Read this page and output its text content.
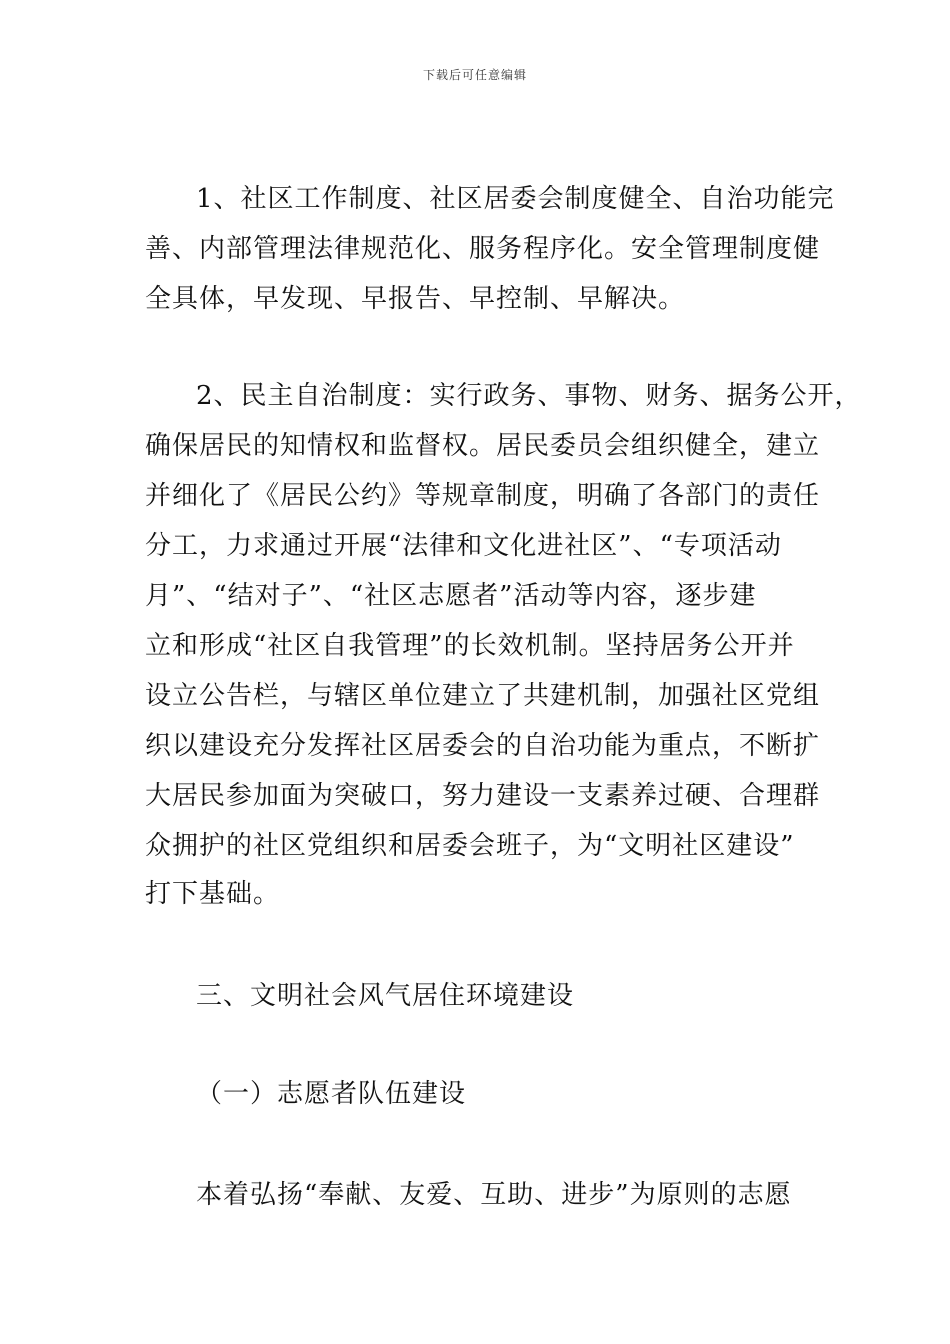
下载后可任意编辑
1、社区工作制度、社区居委会制度健全、自治功能完
善、内部管理法律规范化、服务程序化。安全管理制度健
全具体，早发现、早报告、早控制、早解决。
2、民主自治制度：实行政务、事物、财务、据务公开，
确保居民的知情权和监督权。居民委员会组织健全，建立
并细化了《居民公约》等规章制度，明确了各部门的责任
分工，力求通过开展“法律和文化进社区”、“专项活动
月”、“结对子”、“社区志愿者”活动等内容，逐步建
立和形成“社区自我管理”的长效机制。坚持居务公开并
设立公告栏，与辖区单位建立了共建机制，加强社区党组
织以建设充分发挥社区居委会的自治功能为重点，不断扩
大居民参加面为突破口，努力建设一支素养过硬、合理群
众拥护的社区党组织和居委会班子，为“文明社区建设”
打下基础。
三、文明社会风气居住环境建设
（一）志愿者队伍建设
本着弘扬“奉献、友爱、互助、进步”为原则的志愿
